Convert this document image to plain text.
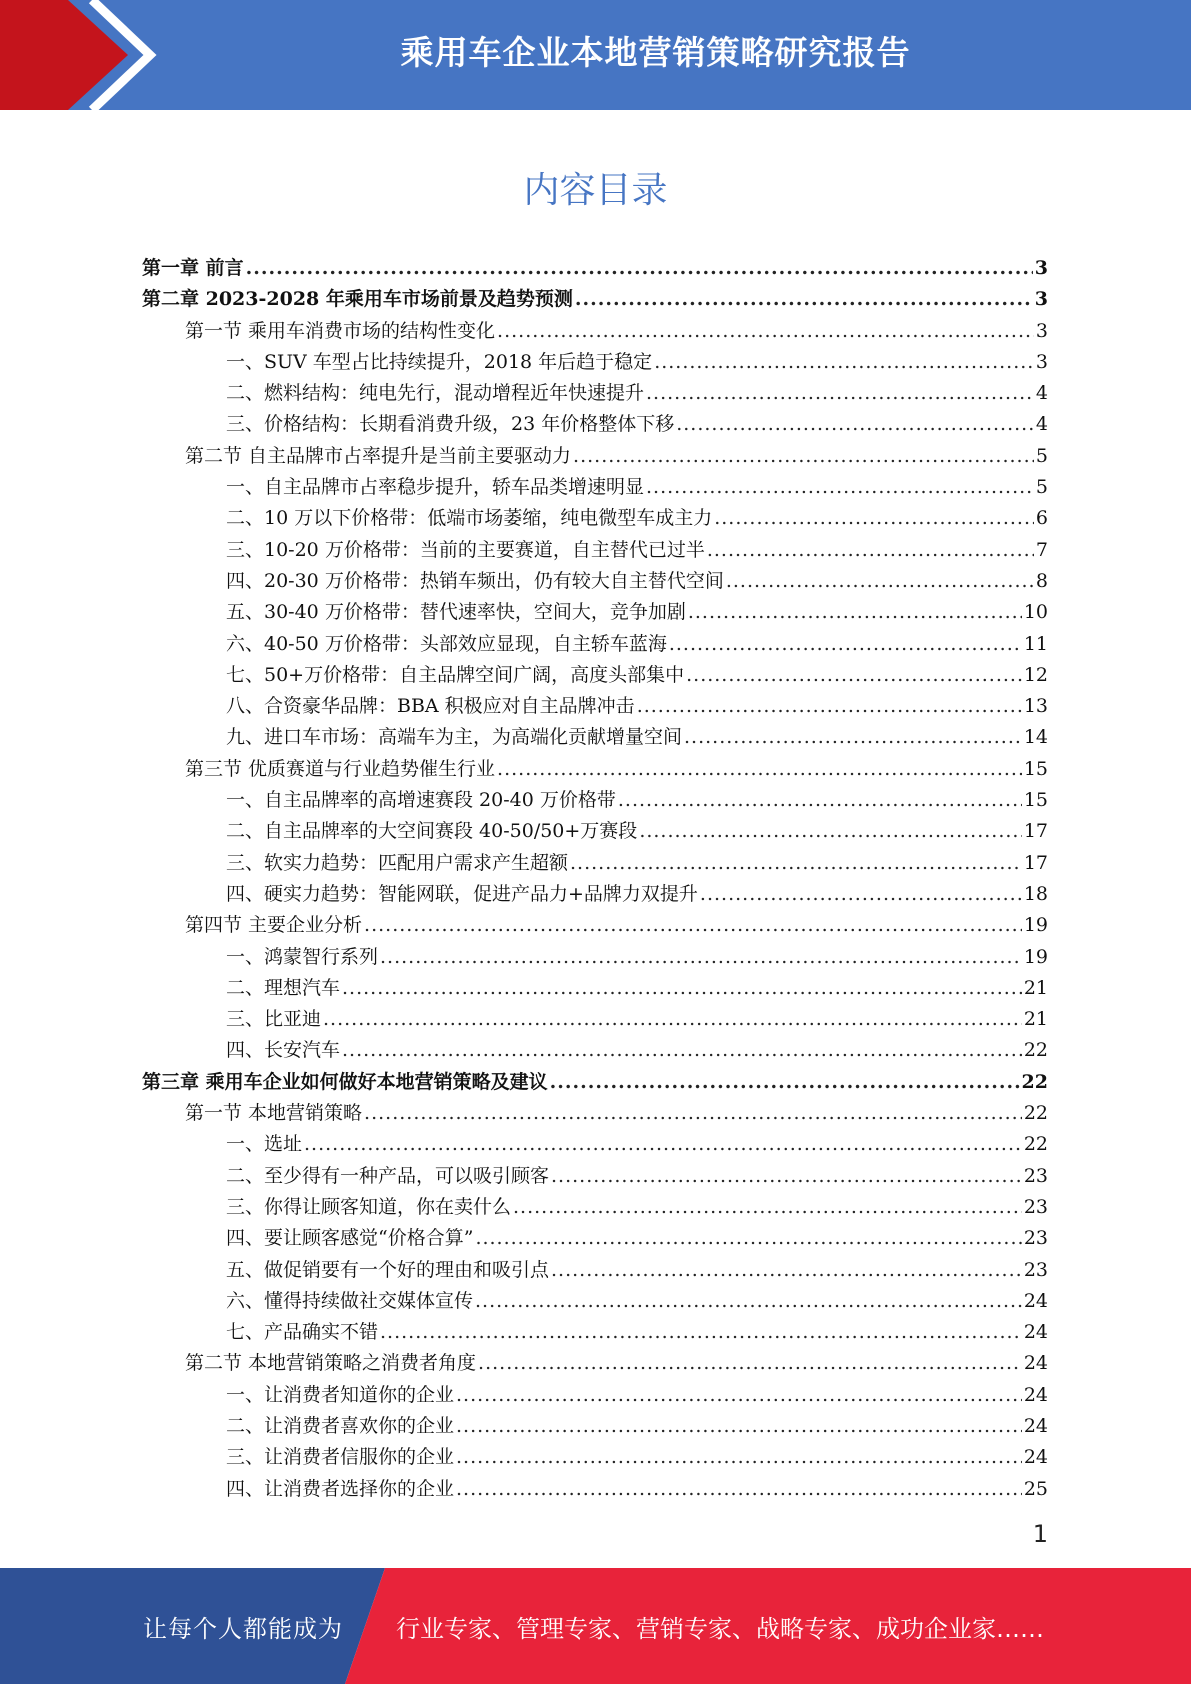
乘用车企业本地营销策略研究报告
内容目录
第一章 前言 .....	3
第二章 2023-2028 年乘用车市场前景及趋势预测 .....	3
第一节 乘用车消费市场的结构性变化 .....	3
一、SUV 车型占比持续提升，2018 年后趋于稳定 .....	3
二、燃料结构：纯电先行，混动增程近年快速提升 .....	4
三、价格结构：长期看消费升级，23 年价格整体下移 .....	4
第二节 自主品牌市占率提升是当前主要驱动力 .....	5
一、自主品牌市占率稳步提升，轿车品类增速明显 .....	5
二、10 万以下价格带：低端市场萎缩，纯电微型车成主力 .....	6
三、10-20 万价格带：当前的主要赛道，自主替代已过半 .....	7
四、20-30 万价格带：热销车频出，仍有较大自主替代空间 .....	8
五、30-40 万价格带：替代速率快，空间大，竞争加剧 .....	10
六、40-50 万价格带：头部效应显现，自主轿车蓝海 .....	11
七、50+万价格带：自主品牌空间广阔，高度头部集中 .....	12
八、合资豪华品牌：BBA 积极应对自主品牌冲击 .....	13
九、进口车市场：高端车为主，为高端化贡献增量空间 .....	14
第三节 优质赛道与行业趋势催生行业 .....	15
一、自主品牌率的高增速赛段 20-40 万价格带 .....	15
二、自主品牌率的大空间赛段 40-50/50+万赛段 .....	17
三、软实力趋势：匹配用户需求产生超额 .....	17
四、硬实力趋势：智能网联，促进产品力+品牌力双提升 .....	18
第四节 主要企业分析 .....	19
一、鸿蒙智行系列 .....	19
二、理想汽车 .....	21
三、比亚迪 .....	21
四、长安汽车 .....	22
第三章 乘用车企业如何做好本地营销策略及建议 .....	22
第一节 本地营销策略 .....	22
一、选址 .....	22
二、至少得有一种产品，可以吸引顾客 .....	23
三、你得让顾客知道，你在卖什么 .....	23
四、要让顾客感觉“价格合算” .....	23
五、做促销要有一个好的理由和吸引点 .....	23
六、懂得持续做社交媒体宣传 .....	24
七、产品确实不错 .....	24
第二节 本地营销策略之消费者角度 .....	24
一、让消费者知道你的企业 .....	24
二、让消费者喜欢你的企业 .....	24
三、让消费者信服你的企业 .....	24
四、让消费者选择你的企业 .....	25
1
让每个人都能成为 行业专家、管理专家、营销专家、战略专家、成功企业家……
